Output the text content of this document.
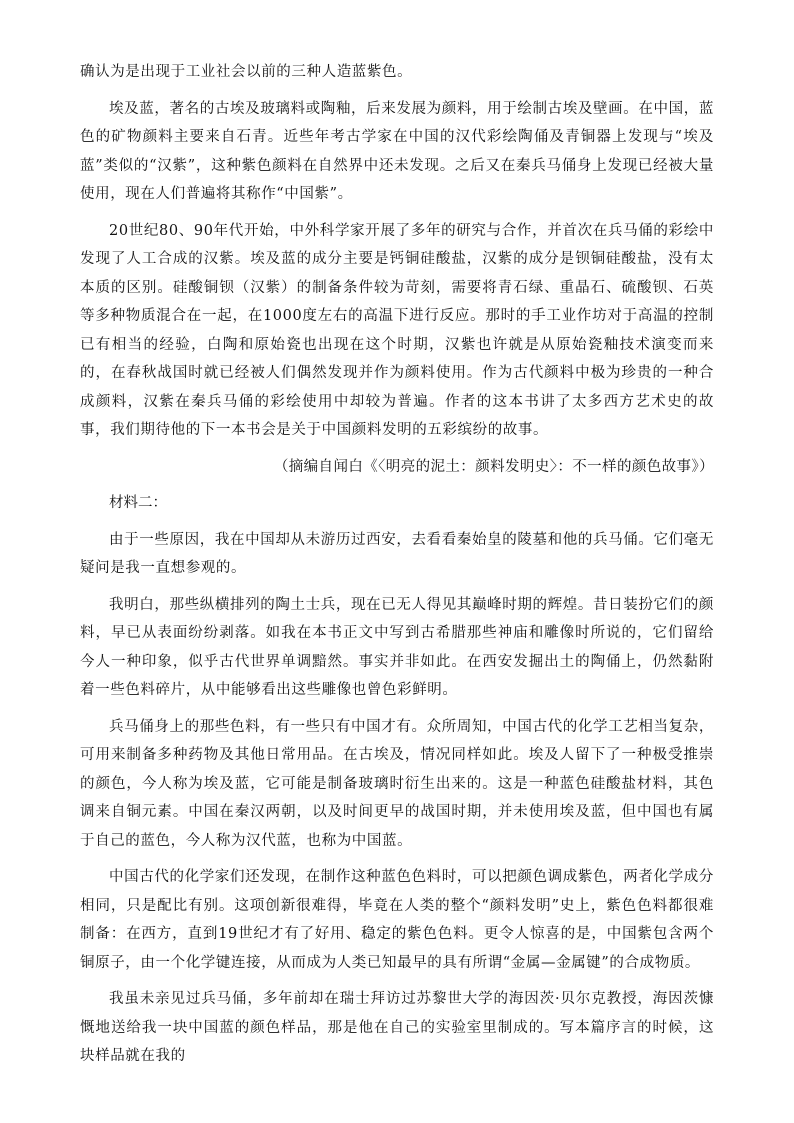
确认为是出现于工业社会以前的三种人造蓝紫色。

埃及蓝，著名的古埃及玻璃料或陶釉，后来发展为颜料，用于绘制古埃及壁画。在中国，蓝色的矿物颜料主要来自石青。近些年考古学家在中国的汉代彩绘陶俑及青铜器上发现与“埃及蓝”类似的“汉紫”，这种紫色颜料在自然界中还未发现。之后又在秦兵马俑身上发现已经被大量使用，现在人们普遍将其称作“中国紫”。

20世纪80、90年代开始，中外科学家开展了多年的研究与合作，并首次在兵马俑的彩绘中发现了人工合成的汉紫。埃及蓝的成分主要是钙铜硅酸盐，汉紫的成分是钡铜硅酸盐，没有太本质的区别。硅酸铜钡（汉紫）的制备条件较为苛刻，需要将青石绿、重晶石、硫酸钡、石英等多种物质混合在一起，在1000度左右的高温下进行反应。那时的手工业作坊对于高温的控制已有相当的经验，白陶和原始瓷也出现在这个时期，汉紫也许就是从原始瓷釉技术演变而来的，在春秋战国时就已经被人们偶然发现并作为颜料使用。作为古代颜料中极为珍贵的一种合成颜料，汉紫在秦兵马俑的彩绘使用中却较为普遍。作者的这本书讲了太多西方艺术史的故事，我们期待他的下一本书会是关于中国颜料发明的五彩缤纷的故事。

（摘编自闻白《〈明亮的泥土：颜料发明史〉：不一样的颜色故事》）

材料二：

由于一些原因，我在中国却从未游历过西安，去看看秦始皇的陵墓和他的兵马俑。它们毫无疑问是我一直想参观的。

我明白，那些纵横排列的陶土士兵，现在已无人得见其巅峰时期的辉煌。昔日装扮它们的颜料，早已从表面纷纷剥落。如我在本书正文中写到古希腊那些神庙和雕像时所说的，它们留给今人一种印象，似乎古代世界单调黯然。事实并非如此。在西安发掘出土的陶俑上，仍然黏附着一些色料碎片，从中能够看出这些雕像也曾色彩鲜明。

兵马俑身上的那些色料，有一些只有中国才有。众所周知，中国古代的化学工艺相当复杂，可用来制备多种药物及其他日常用品。在古埃及，情况同样如此。埃及人留下了一种极受推崇的颜色，今人称为埃及蓝，它可能是制备玻璃时衍生出来的。这是一种蓝色硅酸盐材料，其色调来自铜元素。中国在秦汉两朝，以及时间更早的战国时期，并未使用埃及蓝，但中国也有属于自己的蓝色，今人称为汉代蓝，也称为中国蓝。

中国古代的化学家们还发现，在制作这种蓝色色料时，可以把颜色调成紫色，两者化学成分相同，只是配比有别。这项创新很难得，毕竟在人类的整个“颜料发明”史上，紫色色料都很难制备：在西方，直到19世纪才有了好用、稳定的紫色色料。更令人惊喜的是，中国紫包含两个铜原子，由一个化学键连接，从而成为人类已知最早的具有所谓“金属—金属键”的合成物质。

我虽未亲见过兵马俑，多年前却在瑞士拜访过苏黎世大学的海因茨·贝尔克教授，海因茨慷慨地送给我一块中国蓝的颜色样品，那是他在自己的实验室里制成的。写本篇序言的时候，这块样品就在我的
